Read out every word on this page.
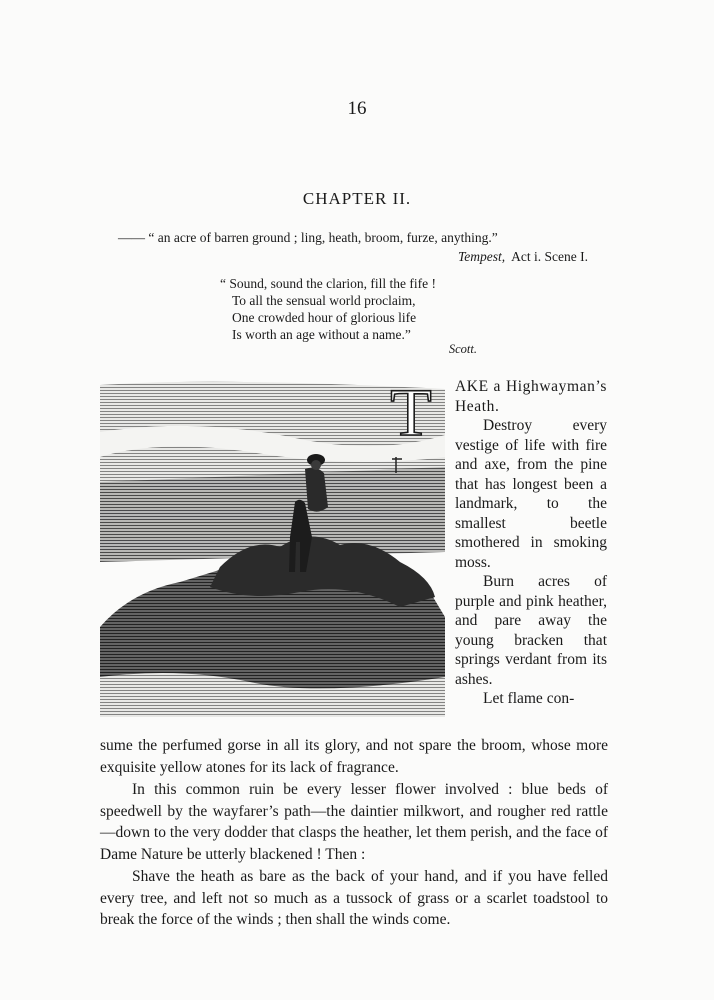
16
CHAPTER II.
—— “ an acre of barren ground ; ling, heath, broom, furze, anything.”
Tempest, Act i. Scene I.
“ Sound, sound the clarion, fill the fife !
To all the sensual world proclaim,
One crowded hour of glorious life
Is worth an age without a name.”
Scott.
T AKE a Highwayman’s Heath.

Destroy every vestige of life with fire and axe, from the pine that has longest been a landmark, to the smallest beetle smothered in smoking moss.

Burn acres of purple and pink heather, and pare away the young bracken that springs verdant from its ashes.

Let flame con-

sume the perfumed gorse in all its glory, and not spare the broom, whose more exquisite yellow atones for its lack of fragrance.

In this common ruin be every lesser flower involved : blue beds of speedwell by the wayfarer’s path—the daintier milkwort, and rougher red rattle—down to the very dodder that clasps the heather, let them perish, and the face of Dame Nature be utterly blackened ! Then :

Shave the heath as bare as the back of your hand, and if you have felled every tree, and left not so much as a tussock of grass or a scarlet toadstool to break the force of the winds ; then shall the winds come.
